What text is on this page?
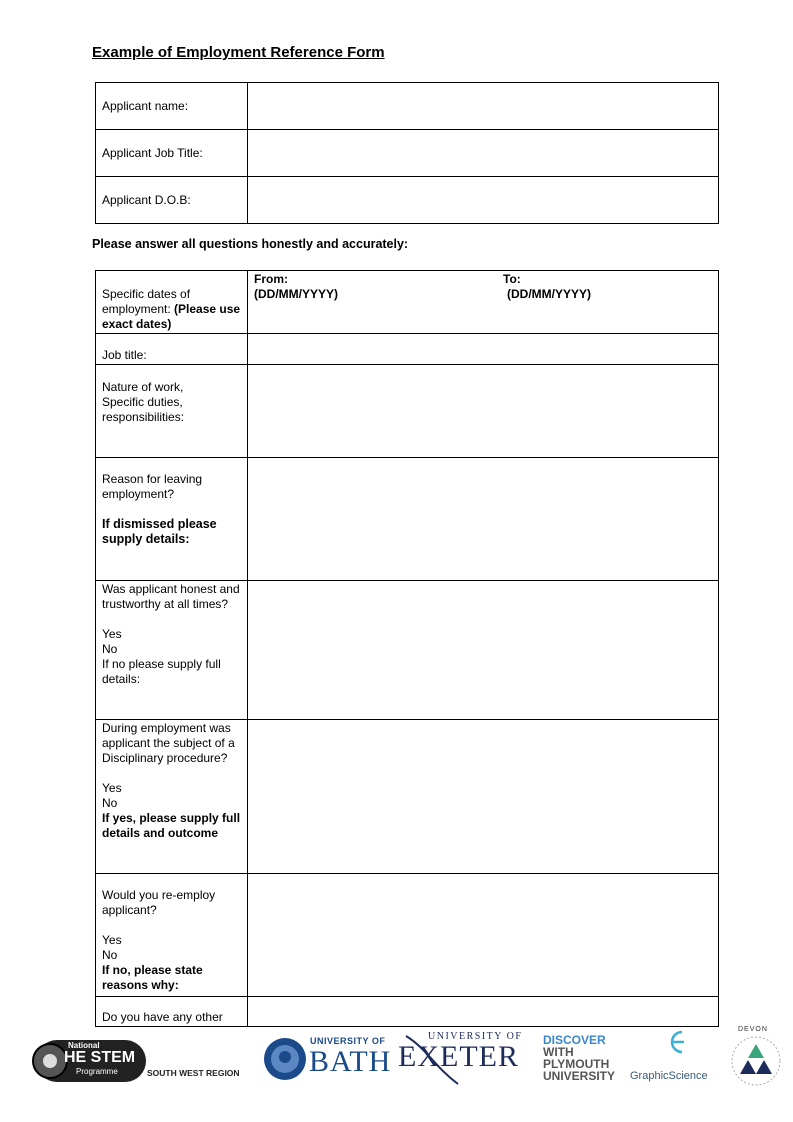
Example of Employment Reference Form
Applicant name:	
Applicant Job Title:	
Applicant D.O.B:	
Please answer all questions honestly and accurately:
Specific dates of employment: (Please use exact dates)	From:
(DD/MM/YYYY)
To:
(DD/MM/YYYY)

Job title:	

Nature of work,
Specific duties,
responsibilities:	

Reason for leaving employment?
If dismissed please supply details:	

Was applicant honest and trustworthy at all times?
Yes
No
If no please supply full details:	

During employment was applicant the subject of a Disciplinary procedure?
Yes
No
If yes, please supply full details and outcome	

Would you re-employ applicant?
Yes
No
If no, please state reasons why:	

Do you have any other	
National
HE STEM
Programme	SOUTH WEST REGION
UNIVERSITY OF
BATH
UNIVERSITY OF
EXETER DISCOVER
WITH
PLYMOUTH
UNIVERSITY	GraphicScience
DEVON
